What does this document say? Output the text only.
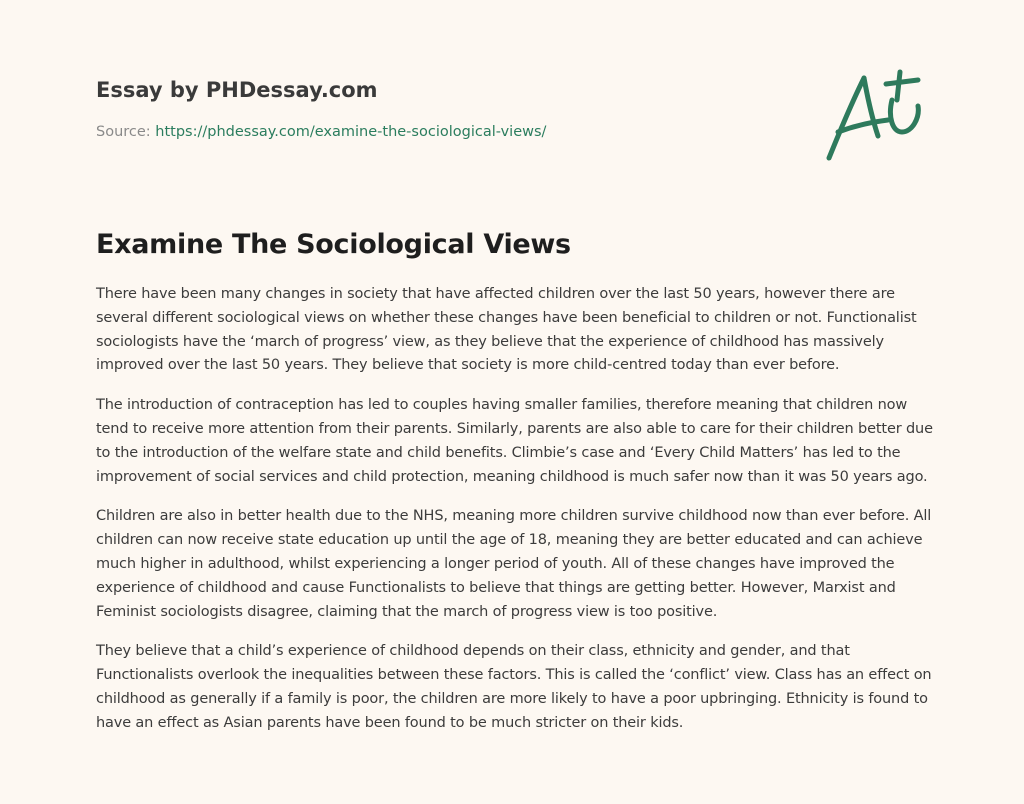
Essay by PHDessay.com
Source: https://phdessay.com/examine-the-sociological-views/
Examine The Sociological Views

There have been many changes in society that have affected children over the last 50 years, however there are several different sociological views on whether these changes have been beneficial to children or not. Functionalist sociologists have the ‘march of progress’ view, as they believe that the experience of childhood has massively improved over the last 50 years. They believe that society is more child-centred today than ever before.

The introduction of contraception has led to couples having smaller families, therefore meaning that children now tend to receive more attention from their parents. Similarly, parents are also able to care for their children better due to the introduction of the welfare state and child benefits. Climbie’s case and ‘Every Child Matters’ has led to the improvement of social services and child protection, meaning childhood is much safer now than it was 50 years ago.

Children are also in better health due to the NHS, meaning more children survive childhood now than ever before. All children can now receive state education up until the age of 18, meaning they are better educated and can achieve much higher in adulthood, whilst experiencing a longer period of youth. All of these changes have improved the experience of childhood and cause Functionalists to believe that things are getting better. However, Marxist and Feminist sociologists disagree, claiming that the march of progress view is too positive.

They believe that a child’s experience of childhood depends on their class, ethnicity and gender, and that Functionalists overlook the inequalities between these factors. This is called the ‘conflict’ view. Class has an effect on childhood as generally if a family is poor, the children are more likely to have a poor upbringing. Ethnicity is found to have an effect as Asian parents have been found to be much stricter on their kids.
